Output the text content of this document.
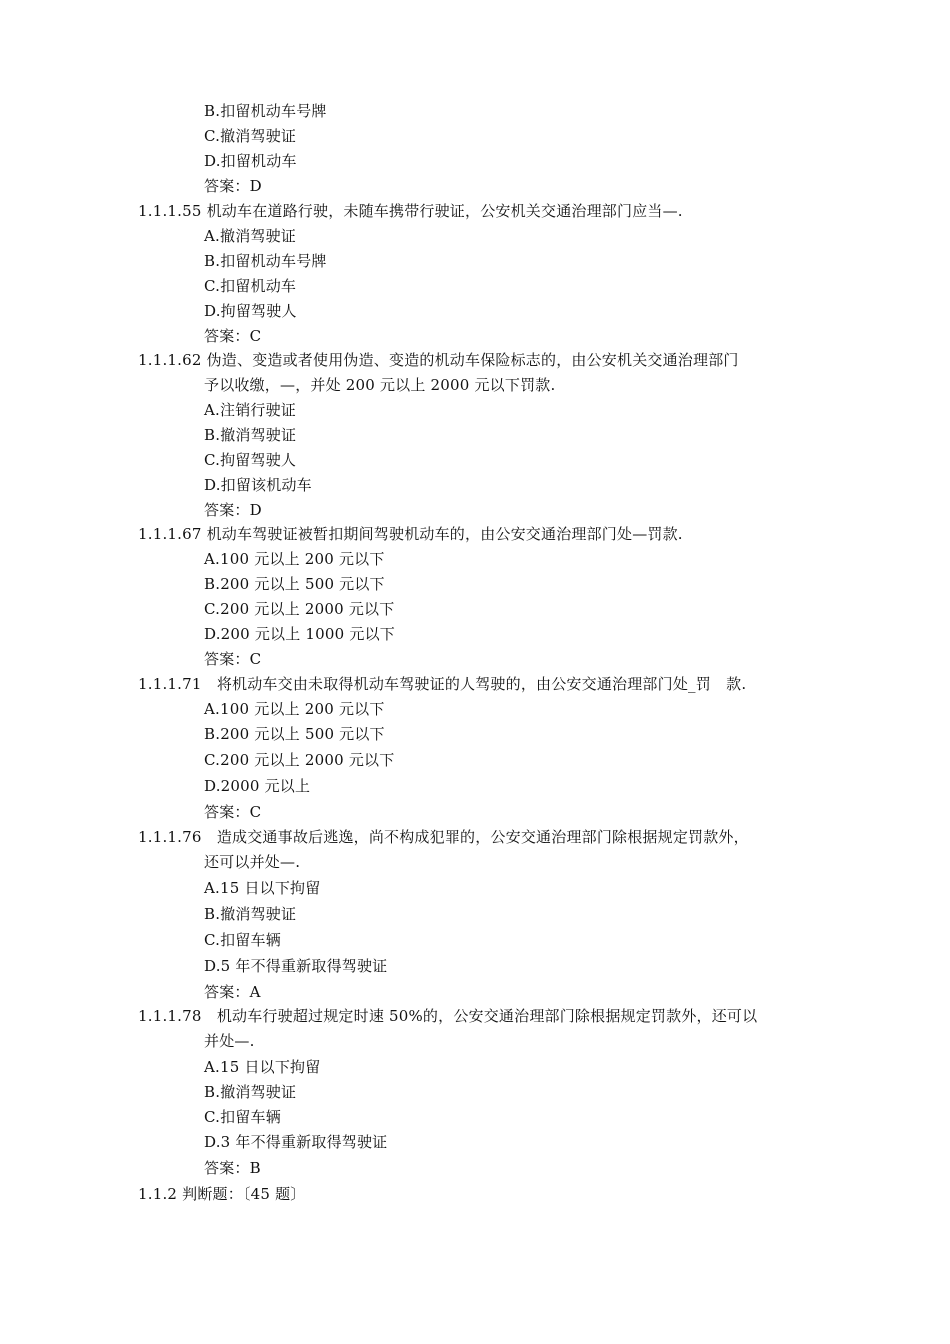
B.扣留机动车号牌
C.撤消驾驶证
D.扣留机动车
答案：D
1.1.1.55 机动车在道路行驶，未随车携带行驶证，公安机关交通治理部门应当—.
A.撤消驾驶证
B.扣留机动车号牌
C.扣留机动车
D.拘留驾驶人
答案：C
1.1.1.62 伪造、变造或者使用伪造、变造的机动车保险标志的，由公安机关交通治理部门
予以收缴，—，并处 200 元以上 2000 元以下罚款.
A.注销行驶证
B.撤消驾驶证
C.拘留驾驶人
D.扣留该机动车
答案：D
1.1.1.67 机动车驾驶证被暂扣期间驾驶机动车的，由公安交通治理部门处—罚款.
A.100 元以上 200 元以下
B.200 元以上 500 元以下
C.200 元以上 2000 元以下
D.200 元以上 1000 元以下
答案：C
1.1.1.71　将机动车交由未取得机动车驾驶证的人驾驶的，由公安交通治理部门处_罚　款.
A.100 元以上 200 元以下
B.200 元以上 500 元以下
C.200 元以上 2000 元以下
D.2000 元以上
答案：C
1.1.1.76　造成交通事故后逃逸，尚不构成犯罪的，公安交通治理部门除根据规定罚款外，
还可以并处—.
A.15 日以下拘留
B.撤消驾驶证
C.扣留车辆
D.5 年不得重新取得驾驶证
答案：A
1.1.1.78　机动车行驶超过规定时速 50%的，公安交通治理部门除根据规定罚款外，还可以
并处—.
A.15 日以下拘留
B.撤消驾驶证
C.扣留车辆
D.3 年不得重新取得驾驶证
答案：B
1.1.2 判断题：〔45 题〕
